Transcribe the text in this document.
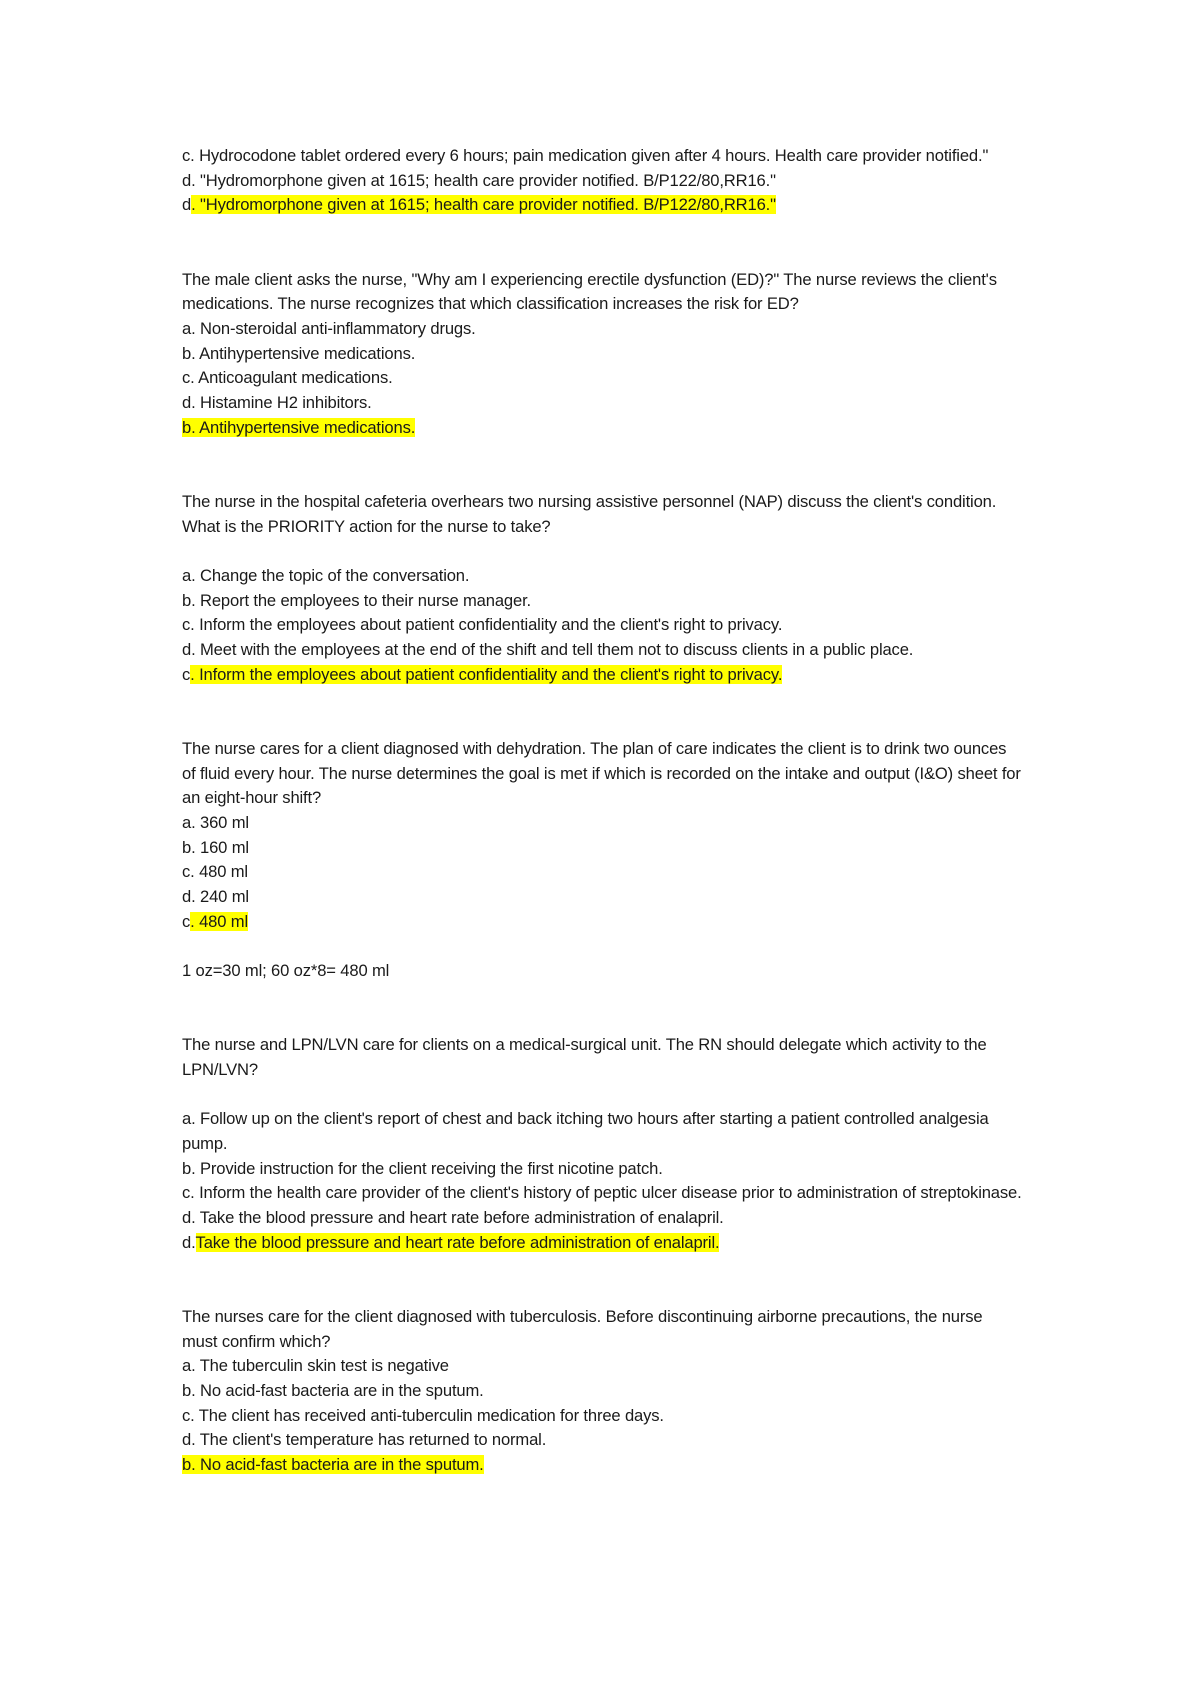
c. Hydrocodone tablet ordered every 6 hours; pain medication given after 4 hours. Health care provider notified."
d. "Hydromorphone given at 1615; health care provider notified. B/P122/80,RR16."
d. "Hydromorphone given at 1615; health care provider notified. B/P122/80,RR16."
The male client asks the nurse, "Why am I experiencing erectile dysfunction (ED)?" The nurse reviews the client's medications. The nurse recognizes that which classification increases the risk for ED?
a. Non-steroidal anti-inflammatory drugs.
b. Antihypertensive medications.
c. Anticoagulant medications.
d. Histamine H2 inhibitors.
b. Antihypertensive medications.
The nurse in the hospital cafeteria overhears two nursing assistive personnel (NAP) discuss the client's condition. What is the PRIORITY action for the nurse to take?
a. Change the topic of the conversation.
b. Report the employees to their nurse manager.
c. Inform the employees about patient confidentiality and the client's right to privacy.
d. Meet with the employees at the end of the shift and tell them not to discuss clients in a public place.
c. Inform the employees about patient confidentiality and the client's right to privacy.
The nurse cares for a client diagnosed with dehydration. The plan of care indicates the client is to drink two ounces of fluid every hour. The nurse determines the goal is met if which is recorded on the intake and output (I&O) sheet for an eight-hour shift?
a. 360 ml
b. 160 ml
c. 480 ml
d. 240 ml
c. 480 ml
1 oz=30 ml; 60 oz*8= 480 ml
The nurse and LPN/LVN care for clients on a medical-surgical unit. The RN should delegate which activity to the LPN/LVN?
a. Follow up on the client's report of chest and back itching two hours after starting a patient controlled analgesia pump.
b. Provide instruction for the client receiving the first nicotine patch.
c. Inform the health care provider of the client's history of peptic ulcer disease prior to administration of streptokinase.
d. Take the blood pressure and heart rate before administration of enalapril.
d.Take the blood pressure and heart rate before administration of enalapril.
The nurses care for the client diagnosed with tuberculosis. Before discontinuing airborne precautions, the nurse must confirm which?
a. The tuberculin skin test is negative
b. No acid-fast bacteria are in the sputum.
c. The client has received anti-tuberculin medication for three days.
d. The client's temperature has returned to normal.
b. No acid-fast bacteria are in the sputum.
